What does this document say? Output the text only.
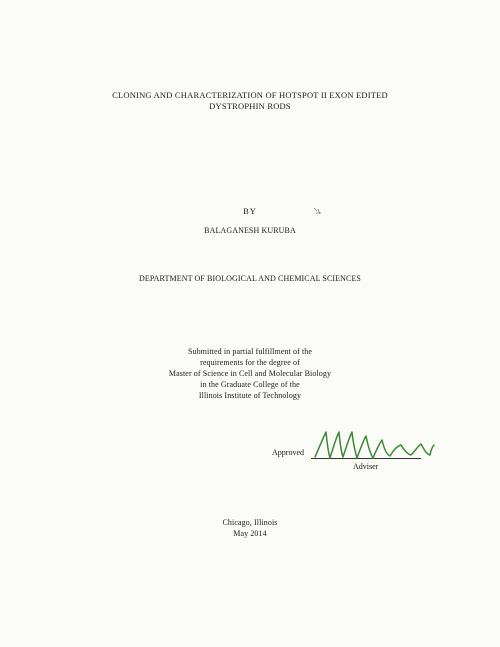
CLONING AND CHARACTERIZATION OF HOTSPOT II EXON EDITED
DYSTROPHIN RODS
BY
BALAGANESH KURUBA
DEPARTMENT OF BIOLOGICAL AND CHEMICAL SCIENCES
Submitted in partial fulfillment of the
requirements for the degree of
Master of Science in Cell and Molecular Biology
in the Graduate College of the
Illinois Institute of Technology
Approved
Adviser
Chicago, Illinois
May 2014
